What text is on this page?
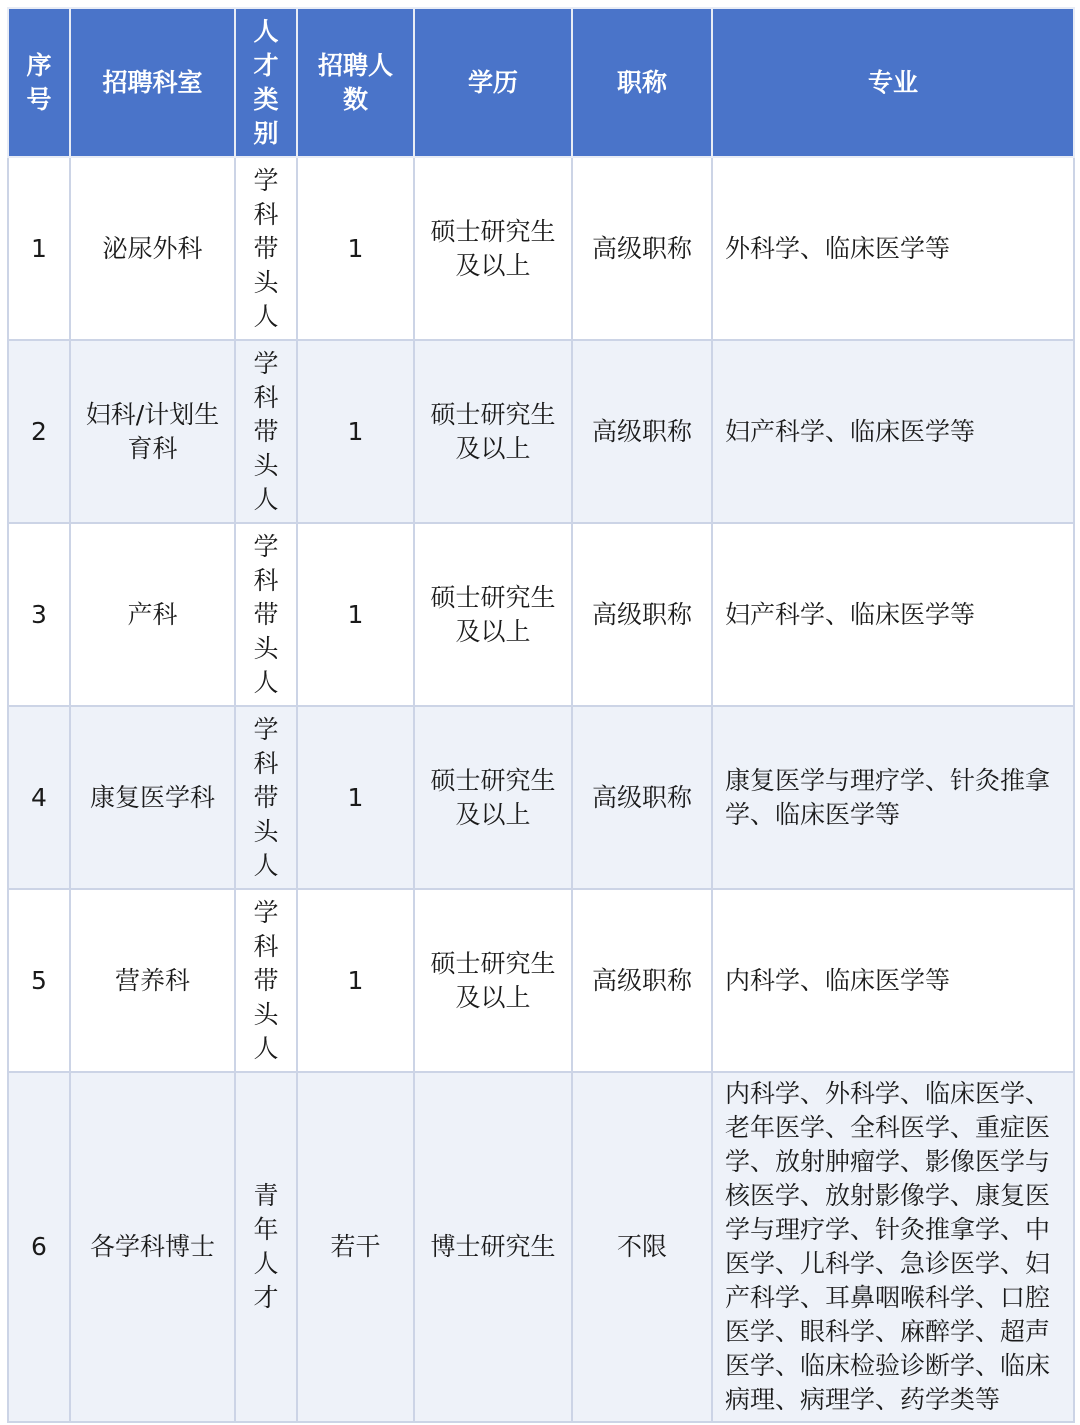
序号	招聘科室	人才类别	招聘人数	学历	职称	专业
1	泌尿外科	学科带头人	1	硕士研究生及以上	高级职称	外科学、临床医学等
2	妇科/计划生育科	学科带头人	1	硕士研究生及以上	高级职称	妇产科学、临床医学等
3	产科	学科带头人	1	硕士研究生及以上	高级职称	妇产科学、临床医学等
4	康复医学科	学科带头人	1	硕士研究生及以上	高级职称	康复医学与理疗学、针灸推拿学、临床医学等
5	营养科	学科带头人	1	硕士研究生及以上	高级职称	内科学、临床医学等
6	各学科博士	青年人才	若干	博士研究生	不限	内科学、外科学、临床医学、老年医学、全科医学、重症医学、放射肿瘤学、影像医学与核医学、放射影像学、康复医学与理疗学、针灸推拿学、中医学、儿科学、急诊医学、妇产科学、耳鼻咽喉科学、口腔医学、眼科学、麻醉学、超声医学、临床检验诊断学、临床病理、病理学、药学类等
